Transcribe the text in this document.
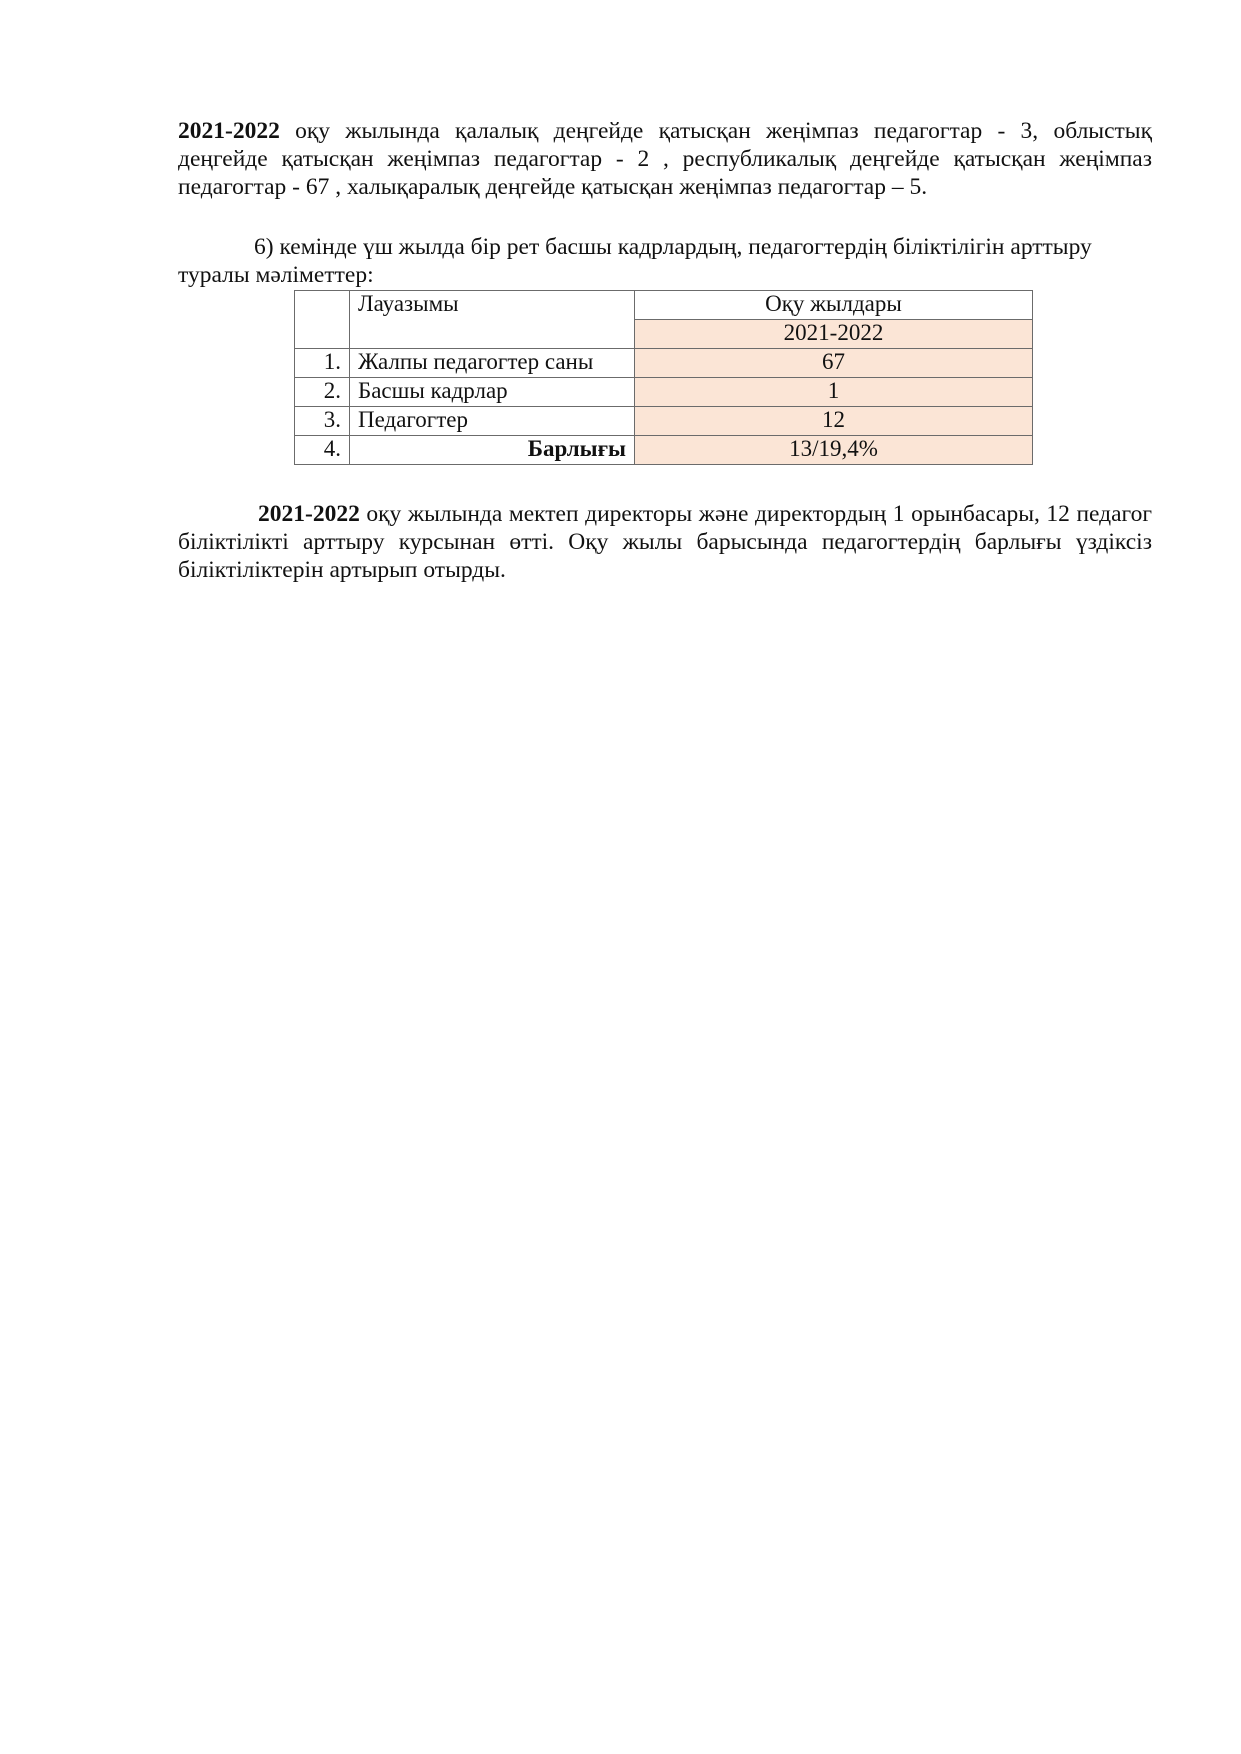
2021-2022 оқу жылында қалалық деңгейде қатысқан жеңімпаз педагогтар - 3, облыстық деңгейде қатысқан жеңімпаз педагогтар - 2 , республикалық деңгейде қатысқан жеңімпаз педагогтар - 67 , халықаралық деңгейде қатысқан жеңімпаз педагогтар – 5.

6) кемінде үш жылда бір рет басшы кадрлардың, педагогтердің біліктілігін арттыру туралы мәліметтер:

	Лауазымы	Оқу жылдары
		2021-2022
1.	Жалпы педагогтер саны	67
2.	Басшы кадрлар	1
3.	Педагогтер	12
4.	Барлығы	13/19,4%

2021-2022 оқу жылында мектеп директоры және директордың 1 орынбасары, 12 педагог біліктілікті арттыру курсынан өтті. Оқу жылы барысында педагогтердің барлығы үздіксіз біліктіліктерін артырып отырды.
